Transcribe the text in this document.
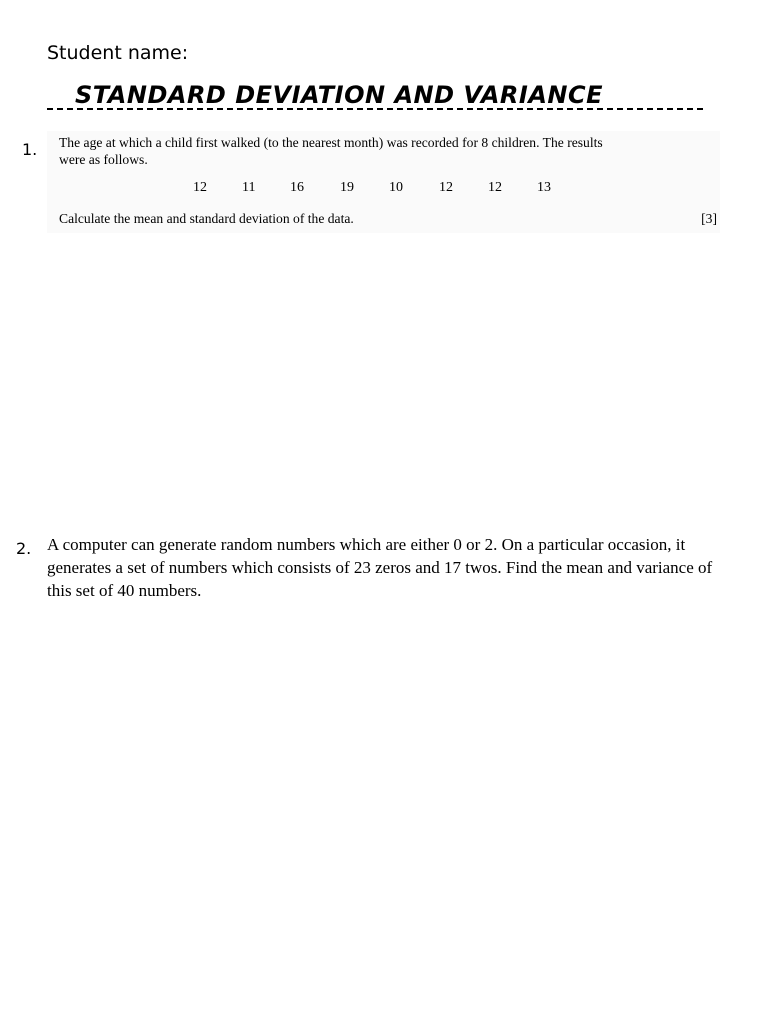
Student name:
STANDARD DEVIATION AND VARIANCE
1. The age at which a child first walked (to the nearest month) was recorded for 8 children. The results
were as follows.
12	11 16	19	10	12	12	13
Calculate the mean and standard deviation of the data.	[3]
2. A computer can generate random numbers which are either 0 or 2. On a particular occasion, it generates a set of numbers which consists of 23 zeros and 17 twos. Find the mean and variance of this set of 40 numbers.
